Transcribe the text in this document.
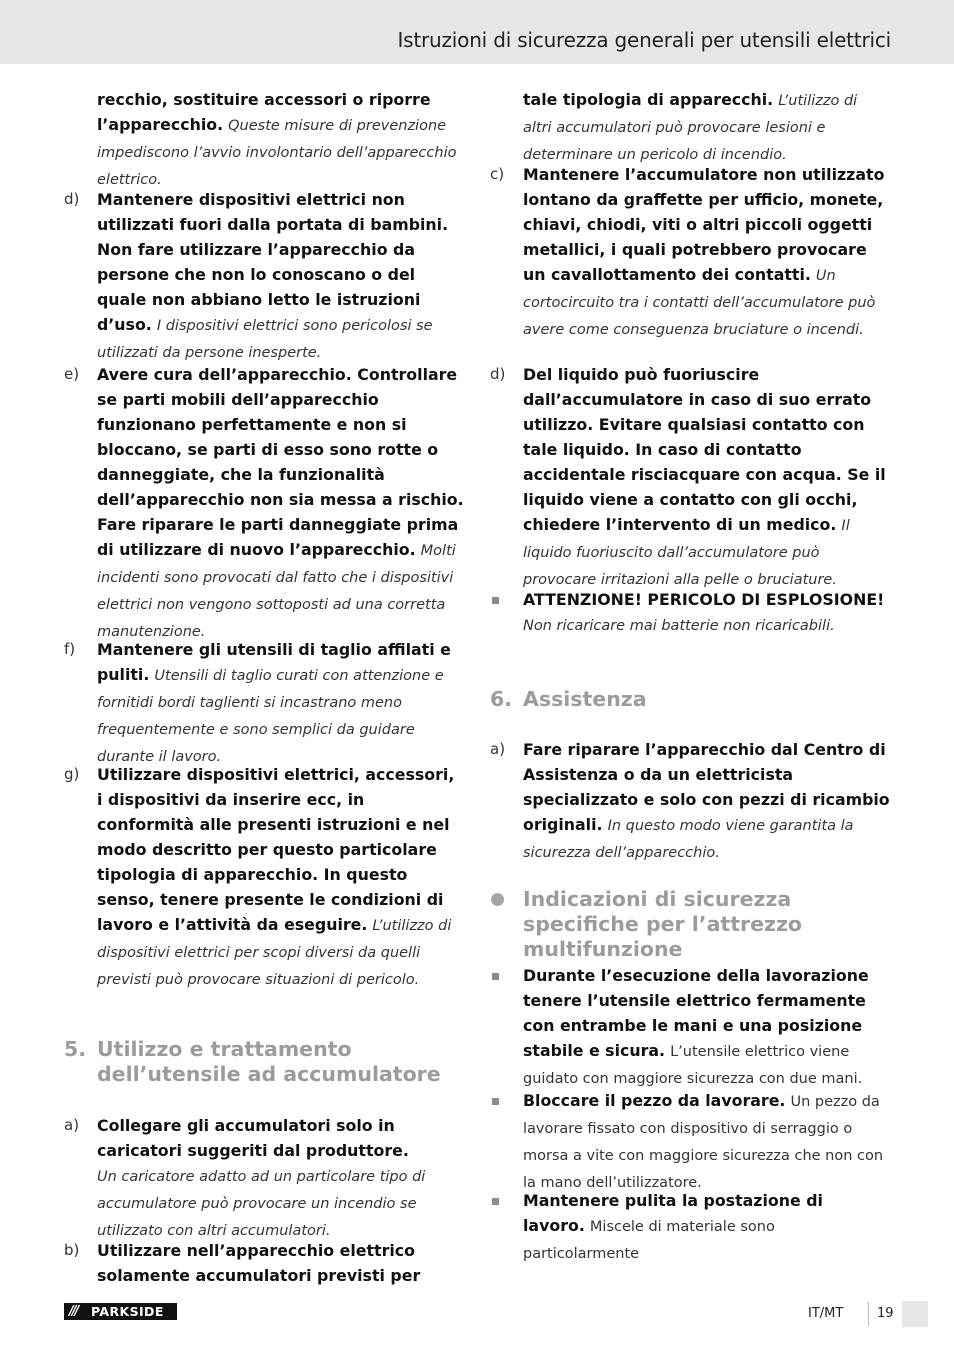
Istruzioni di sicurezza generali per utensili elettrici
recchio, sostituire accessori o riporre l’apparecchio. Queste misure di prevenzione impediscono l’avvio involontario dell’apparecchio elettrico.
d) Mantenere dispositivi elettrici non utilizzati fuori dalla portata di bambini. Non fare utilizzare l’apparecchio da persone che non lo conoscano o del quale non abbiano letto le istruzioni d’uso. I dispositivi elettrici sono pericolosi se utilizzati da persone inesperte.
e) Avere cura dell’apparecchio. Controllare se parti mobili dell’apparecchio funzionano perfettamente e non si bloccano, se parti di esso sono rotte o danneggiate, che la funzionalità dell’apparecchio non sia messa a rischio. Fare riparare le parti danneggiate prima di utilizzare di nuovo l’apparecchio. Molti incidenti sono provocati dal fatto che i dispositivi elettrici non vengono sottoposti ad una corretta manutenzione.
f) Mantenere gli utensili di taglio affilati e puliti. Utensili di taglio curati con attenzione e fornitidi bordi taglienti si incastrano meno frequentemente e sono semplici da guidare durante il lavoro.
g) Utilizzare dispositivi elettrici, accessori, i dispositivi da inserire ecc, in conformità alle presenti istruzioni e nel modo descritto per questo particolare tipologia di apparecchio. In questo senso, tenere presente le condizioni di lavoro e l’attività da eseguire. L’utilizzo di dispositivi elettrici per scopi diversi da quelli previsti può provocare situazioni di pericolo.
5. Utilizzo e trattamento dell’utensile ad accumulatore
a) Collegare gli accumulatori solo in caricatori suggeriti dal produttore.
Un caricatore adatto ad un particolare tipo di accumulatore può provocare un incendio se utilizzato con altri accumulatori.
b) Utilizzare nell’apparecchio elettrico solamente accumulatori previsti per
tale tipologia di apparecchi. L’utilizzo di altri accumulatori può provocare lesioni e determinare un pericolo di incendio.
c) Mantenere l’accumulatore non utilizzato lontano da graffette per ufficio, monete, chiavi, chiodi, viti o altri piccoli oggetti metallici, i quali potrebbero provocare un cavallottamento dei contatti. Un cortocircuito tra i contatti dell’accumulatore può avere come conseguenza bruciature o incendi.
d) Del liquido può fuoriuscire dall’accumulatore in caso di suo errato utilizzo. Evitare qualsiasi contatto con tale liquido. In caso di contatto accidentale risciacquare con acqua. Se il liquido viene a contatto con gli occhi, chiedere l’intervento di un medico. Il liquido fuoriuscito dall’accumulatore può provocare irritazioni alla pelle o bruciature.
ATTENZIONE! PERICOLO DI ESPLOSIONE!
Non ricaricare mai batterie non ricaricabili.
6. Assistenza
a) Fare riparare l’apparecchio dal Centro di Assistenza o da un elettricista specializzato e solo con pezzi di ricambio originali. In questo modo viene garantita la sicurezza dell’apparecchio.
Indicazioni di sicurezza specifiche per l’attrezzo multifunzione
Durante l’esecuzione della lavorazione tenere l’utensile elettrico fermamente con entrambe le mani e una posizione stabile e sicura. L’utensile elettrico viene guidato con maggiore sicurezza con due mani.
Bloccare il pezzo da lavorare. Un pezzo da lavorare fissato con dispositivo di serraggio o morsa a vite con maggiore sicurezza che non con la mano dell’utilizzatore.
Mantenere pulita la postazione di lavoro. Miscele di materiale sono particolarmente
///	PARKSIDE	IT/MT	19
